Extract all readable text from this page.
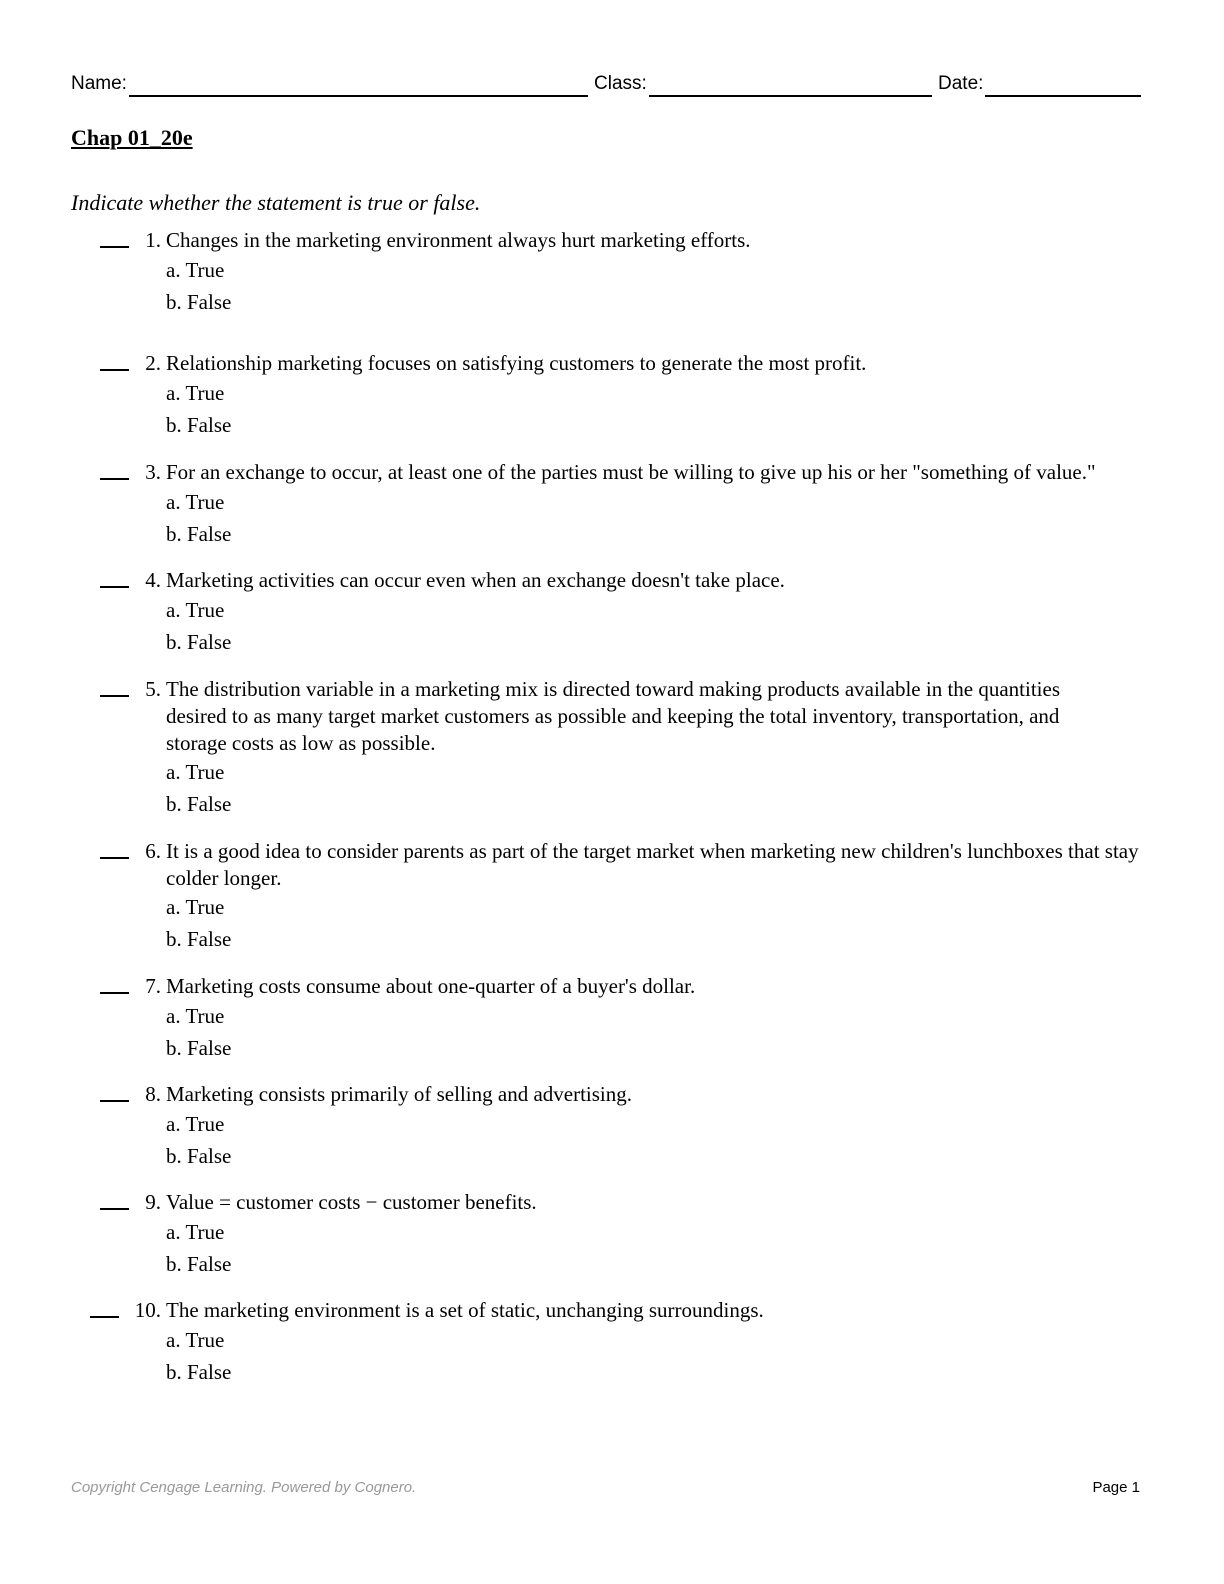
Name:	Class:	Date:
Chap 01_20e
Indicate whether the statement is true or false.
1. Changes in the marketing environment always hurt marketing efforts.
a. True
b. False
2. Relationship marketing focuses on satisfying customers to generate the most profit.
a. True
b. False
3. For an exchange to occur, at least one of the parties must be willing to give up his or her "something of value."
a. True
b. False
4. Marketing activities can occur even when an exchange doesn't take place.
a. True
b. False
5. The distribution variable in a marketing mix is directed toward making products available in the quantities desired to as many target market customers as possible and keeping the total inventory, transportation, and storage costs as low as possible.
a. True
b. False
6. It is a good idea to consider parents as part of the target market when marketing new children's lunchboxes that stay colder longer.
a. True
b. False
7. Marketing costs consume about one-quarter of a buyer's dollar.
a. True
b. False
8. Marketing consists primarily of selling and advertising.
a. True
b. False
9. Value = customer costs − customer benefits.
a. True
b. False
10. The marketing environment is a set of static, unchanging surroundings.
a. True
b. False
Copyright Cengage Learning. Powered by Cognero.	Page 1
